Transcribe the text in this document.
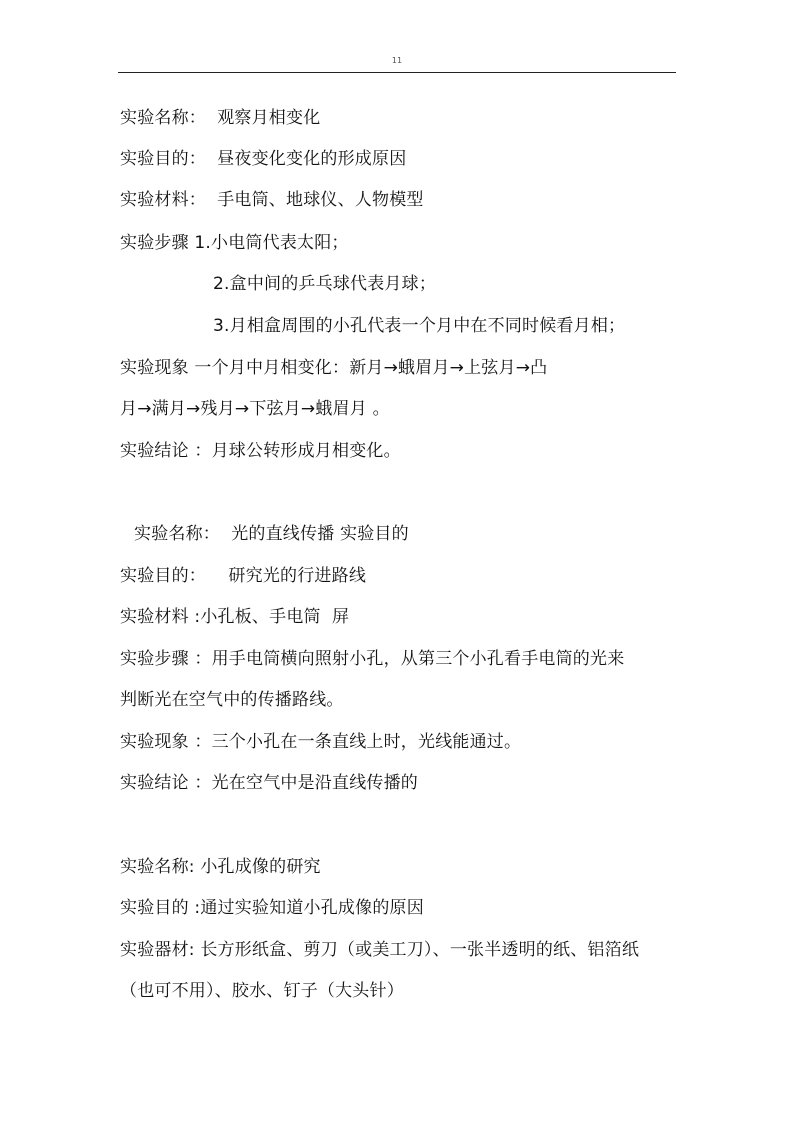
11
实验名称：  观察月相变化
实验目的：  昼夜变化变化的形成原因
实验材料：  手电筒、地球仪、人物模型
实验步骤 1.小电筒代表太阳；
2.盒中间的乒乓球代表月球；
3.月相盒周围的小孔代表一个月中在不同时候看月相；
实验现象 一个月中月相变化：新月→蛾眉月→上弦月→凸
月→满月→残月→下弦月→蛾眉月 。
实验结论 ：月球公转形成月相变化。
实验名称：  光的直线传播 实验目的
实验目的：    研究光的行进路线
实验材料 :小孔板、手电筒  屏
实验步骤 ：用手电筒横向照射小孔，从第三个小孔看手电筒的光来
判断光在空气中的传播路线。
实验现象 ：三个小孔在一条直线上时，光线能通过。
实验结论 ：光在空气中是沿直线传播的
实验名称: 小孔成像的研究
实验目的 :通过实验知道小孔成像的原因
实验器材: 长方形纸盒、剪刀（或美工刀）、一张半透明的纸、铝箔纸
（也可不用）、胶水、钉子（大头针）
